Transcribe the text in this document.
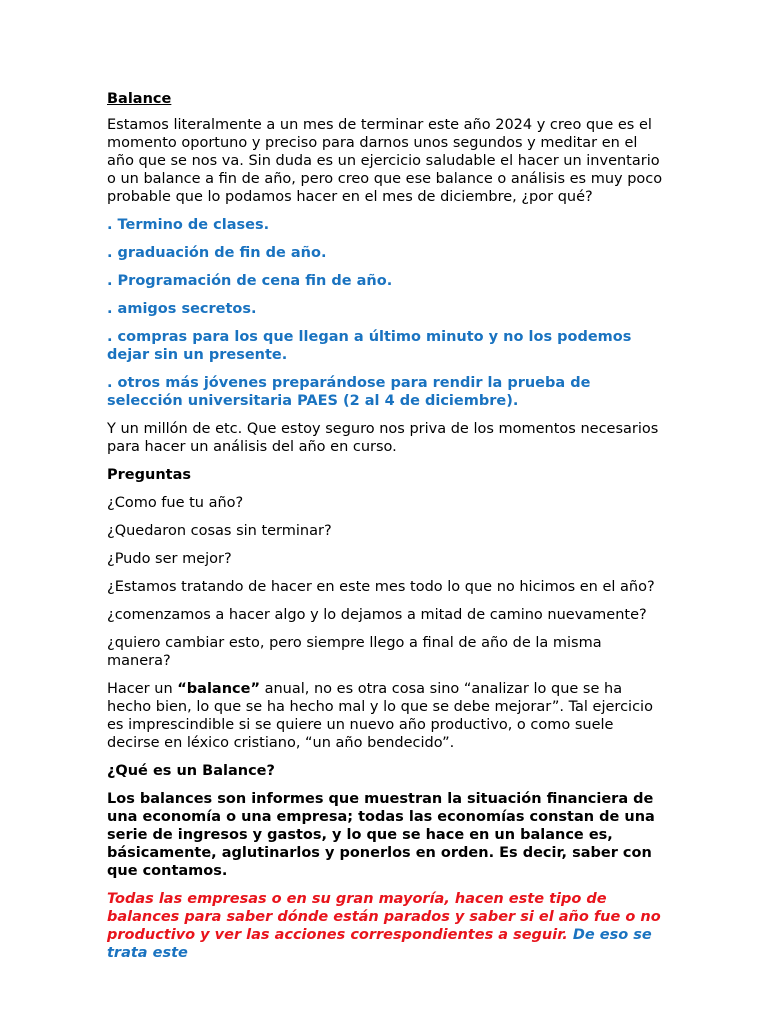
Balance

Estamos literalmente a un mes de terminar este año 2024 y creo que es el momento oportuno y preciso para darnos unos segundos y meditar en el año que se nos va. Sin duda es un ejercicio saludable el hacer un inventario o un balance a fin de año, pero creo que ese balance o análisis es muy poco probable que lo podamos hacer en el mes de diciembre, ¿por qué?

. Termino de clases.

. graduación de fin de año.

. Programación de cena fin de año.

. amigos secretos.

. compras para los que llegan a último minuto y no los podemos dejar sin un presente.

. otros más jóvenes preparándose para rendir la prueba de selección universitaria PAES (2 al 4 de diciembre).

Y un millón de etc. Que estoy seguro nos priva de los momentos necesarios para hacer un análisis del año en curso.

Preguntas

¿Como fue tu año?

¿Quedaron cosas sin terminar?

¿Pudo ser mejor?

¿Estamos tratando de hacer en este mes todo lo que no hicimos en el año?

¿comenzamos a hacer algo y lo dejamos a mitad de camino nuevamente?

¿quiero cambiar esto, pero siempre llego a final de año de la misma manera?

Hacer un “balance” anual, no es otra cosa sino “analizar lo que se ha hecho bien, lo que se ha hecho mal y lo que se debe mejorar”. Tal ejercicio es imprescindible si se quiere un nuevo año productivo, o como suele decirse en léxico cristiano, “un año bendecido”.

¿Qué es un Balance?

Los balances son informes que muestran la situación financiera de una economía o una empresa; todas las economías constan de una serie de ingresos y gastos, y lo que se hace en un balance es, básicamente, aglutinarlos y ponerlos en orden. Es decir, saber con que contamos.

Todas las empresas o en su gran mayoría, hacen este tipo de balances para saber dónde están parados y saber si el año fue o no productivo y ver las acciones correspondientes a seguir. De eso se trata este
